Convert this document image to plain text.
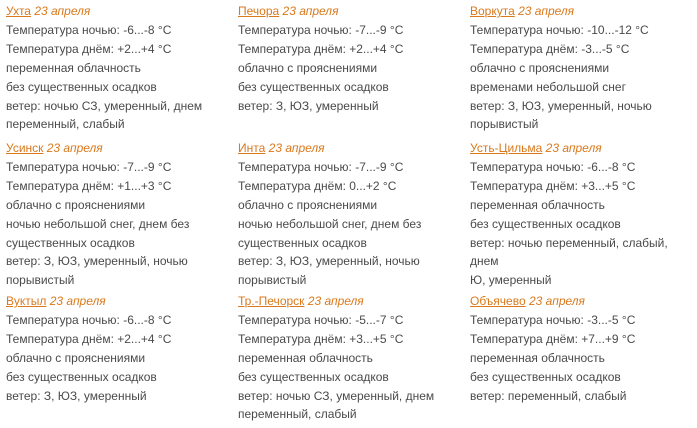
Ухта 23 апреля
Температура ночью: -6...-8 °С
Температура днём: +2...+4 °С
переменная облачность
без существенных осадков
ветер: ночью СЗ, умеренный, днем
переменный, слабый
Печора 23 апреля
Температура ночью: -7...-9 °С
Температура днём: +2...+4 °С
облачно с прояснениями
без существенных осадков
ветер: З, ЮЗ, умеренный
Воркута 23 апреля
Температура ночью: -10...-12 °С
Температура днём: -3...-5 °С
облачно с прояснениями
временами небольшой снег
ветер: З, ЮЗ, умеренный, ночью
порывистый
Усинск 23 апреля
Температура ночью: -7...-9 °С
Температура днём: +1...+3 °С
облачно с прояснениями
ночью небольшой снег, днем без
существенных осадков
ветер: З, ЮЗ, умеренный, ночью
порывистый
Инта 23 апреля
Температура ночью: -7...-9 °С
Температура днём: 0...+2 °С
облачно с прояснениями
ночью небольшой снег, днем без
существенных осадков
ветер: З, ЮЗ, умеренный, ночью
порывистый
Усть-Цильма 23 апреля
Температура ночью: -6...-8 °С
Температура днём: +3...+5 °С
переменная облачность
без существенных осадков
ветер: ночью переменный, слабый, днем
Ю, умеренный
Вуктыл 23 апреля
Температура ночью: -6...-8 °С
Температура днём: +2...+4 °С
облачно с прояснениями
без существенных осадков
ветер: З, ЮЗ, умеренный
Тр.-Печорск 23 апреля
Температура ночью: -5...-7 °С
Температура днём: +3...+5 °С
переменная облачность
без существенных осадков
ветер: ночью СЗ, умеренный, днем
переменный, слабый
Объячево 23 апреля
Температура ночью: -3...-5 °С
Температура днём: +7...+9 °С
переменная облачность
без существенных осадков
ветер: переменный, слабый
